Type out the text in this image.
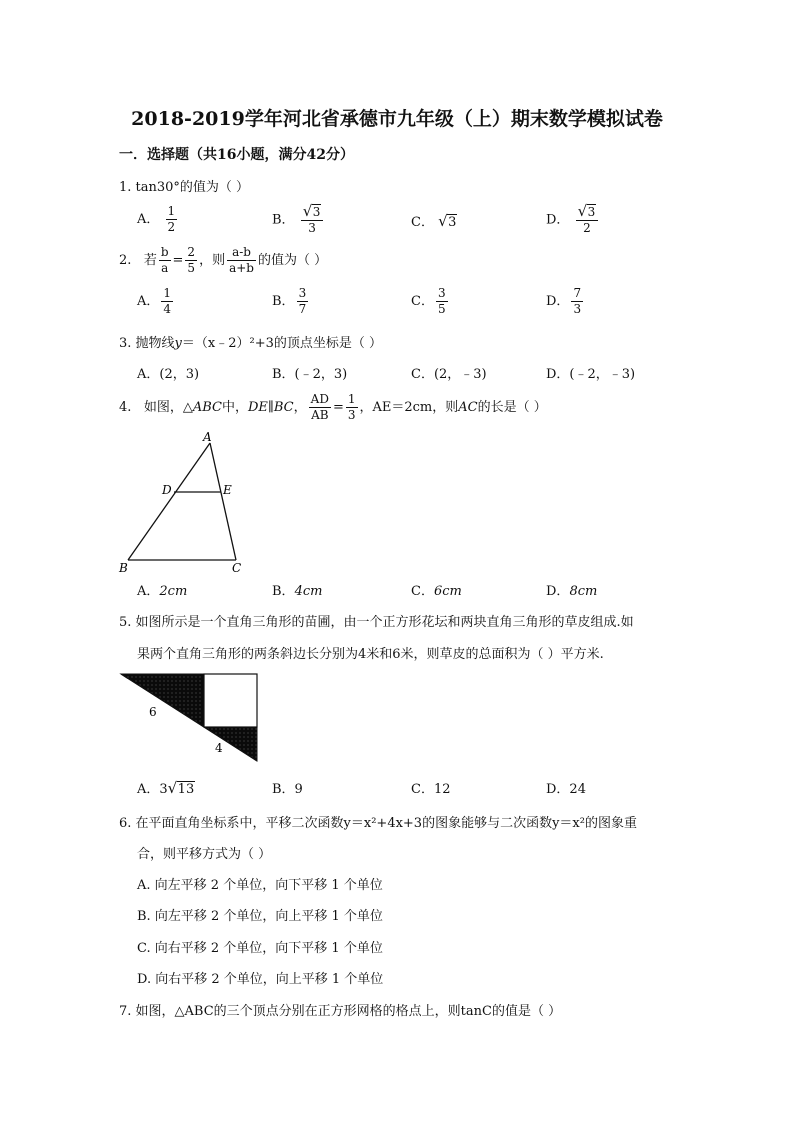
2018-2019学年河北省承德市九年级（上）期末数学模拟试卷
一．选择题（共16小题，满分42分）
1. tan30°的值为（ ）
A． $\frac{1}{2}$	B． $\frac{√ 3}{3}$	C． √ 3	D． $\frac{√ 3}{2}$
2. 若 $\frac{b}{a} = \frac{2}{5}$ ，则 $\frac{a-b}{a+b}$ 的值为（ ）
A． $\frac{1}{4}$	B． $\frac{3}{7}$	C． $\frac{3}{5}$	D． $\frac{7}{3}$
3. 抛物线y＝（x﹣2）²+3的顶点坐标是（ ）
A．(2，3)	B．(﹣2，3)	C．(2，﹣3)	D．(﹣2，﹣3)
4. 如图，△ABC中，DE∥BC， $\frac{AD}{AB} = \frac{1}{3}$ ，AE＝2cm，则AC的长是（ ）
A
D	E
B	C
A．2cm	B．4cm	C．6cm	D．8cm
5. 如图所示是一个直角三角形的苗圃，由一个正方形花坛和两块直角三角形的草皮组成.如
果两个直角三角形的两条斜边长分别为4米和6米，则草皮的总面积为（ ）平方米.
6
4
A．3 √ 13	B．9	C．12	D．24
6. 在平面直角坐标系中，平移二次函数y＝x²+4x+3的图象能够与二次函数y＝x²的图象重
合，则平移方式为（ ）
A. 向左平移 2 个单位，向下平移 1 个单位
B. 向左平移 2 个单位，向上平移 1 个单位
C. 向右平移 2 个单位，向下平移 1 个单位
D. 向右平移 2 个单位，向上平移 1 个单位
7. 如图，△ABC的三个顶点分别在正方形网格的格点上，则tanC的值是（ ）
